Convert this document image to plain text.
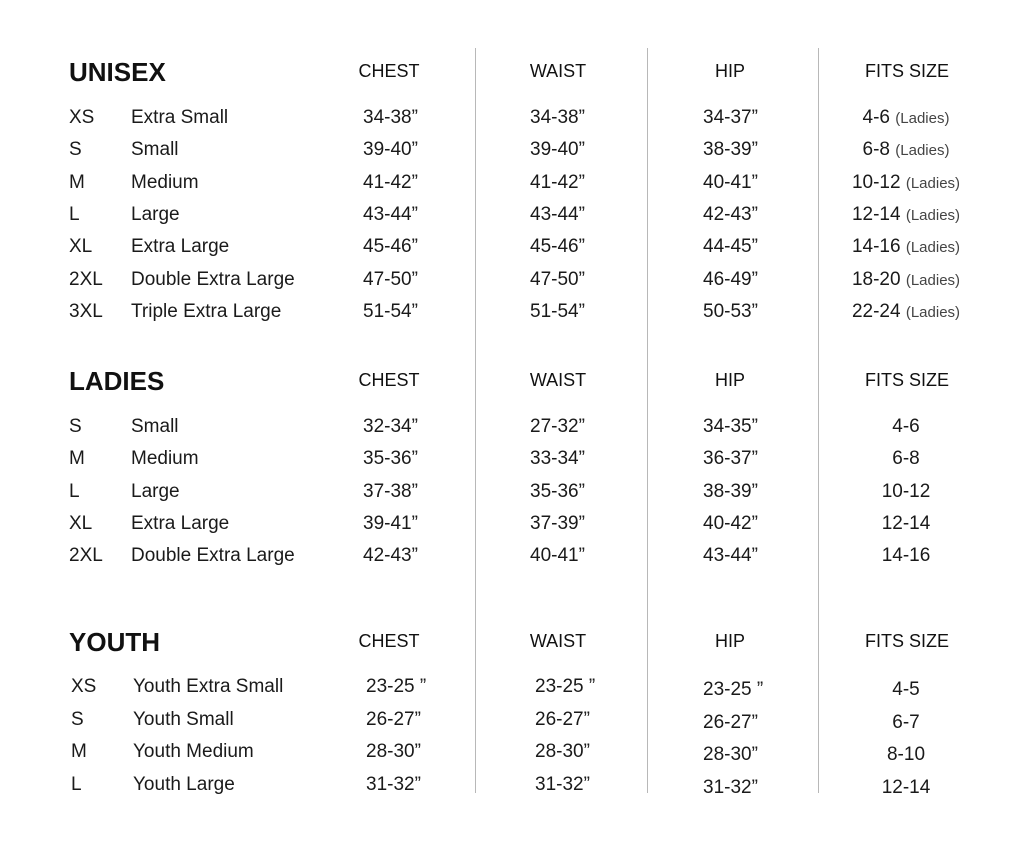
UNISEX	CHEST	WAIST	HIP	FITS SIZE
XS Extra Small	34-38”	34-38”	34-37”	4-6 (Ladies)
S	Small	39-40”	39-40”	38-39”	6-8 (Ladies)
M Medium	41-42”	41-42”	40-41”	10-12 (Ladies)
L	Large	43-44”	43-44”	42-43”	12-14 (Ladies)
XL Extra Large	45-46”	45-46”	44-45”	14-16 (Ladies)
2XL Double Extra Large	47-50”	47-50”	46-49”	18-20 (Ladies)
3XL Triple Extra Large	51-54”	51-54”	50-53”	22-24 (Ladies)
LADIES	CHEST	WAIST	HIP	FITS SIZE
S	Small	32-34”	27-32”	34-35”	4-6
M Medium	35-36”	33-34”	36-37”	6-8
L	Large	37-38”	35-36”	38-39”	10-12
XL Extra Large	39-41”	37-39”	40-42”	12-14
2XL Double Extra Large	42-43”	40-41”	43-44”	14-16
YOUTH	CHEST	WAIST	HIP	FITS SIZE
XS Youth Extra Small	23-25 ”	23-25 ”	23-25 ”	4-5
S	Youth Small	26-27”	26-27”	26-27”	6-7
M Youth Medium	28-30”	28-30”	28-30”	8-10
L	Youth Large	31-32”	31-32”	31-32”	12-14
